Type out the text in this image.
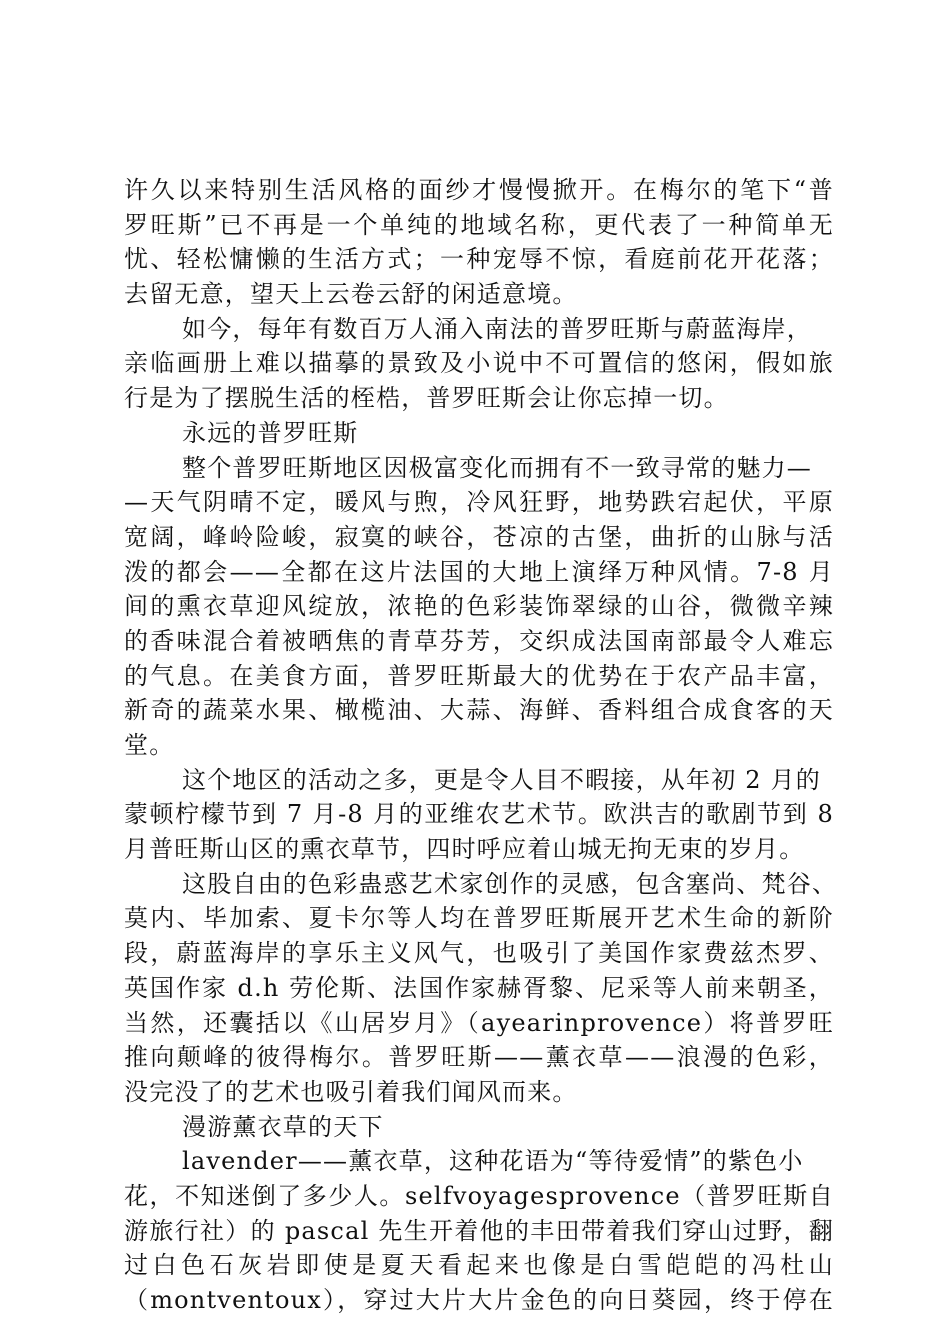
许久以来特别生活风格的面纱才慢慢掀开。在梅尔的笔下“普
罗旺斯”已不再是一个单纯的地域名称，更代表了一种简单无
忧、轻松慵懒的生活方式；一种宠辱不惊，看庭前花开花落；
去留无意，望天上云卷云舒的闲适意境。
如今，每年有数百万人涌入南法的普罗旺斯与蔚蓝海岸，
亲临画册上难以描摹的景致及小说中不可置信的悠闲，假如旅
行是为了摆脱生活的桎梏，普罗旺斯会让你忘掉一切。
永远的普罗旺斯
整个普罗旺斯地区因极富变化而拥有不一致寻常的魅力—
—天气阴晴不定，暖风与煦，冷风狂野，地势跌宕起伏，平原
宽阔，峰岭险峻，寂寞的峡谷，苍凉的古堡，曲折的山脉与活
泼的都会——全都在这片法国的大地上演绎万种风情。7-8 月
间的熏衣草迎风绽放，浓艳的色彩装饰翠绿的山谷，微微辛辣
的香味混合着被晒焦的青草芬芳，交织成法国南部最令人难忘
的气息。在美食方面，普罗旺斯最大的优势在于农产品丰富，
新奇的蔬菜水果、橄榄油、大蒜、海鲜、香料组合成食客的天
堂。
这个地区的活动之多，更是令人目不暇接，从年初 2 月的
蒙顿柠檬节到 7 月-8 月的亚维农艺术节。欧洪吉的歌剧节到 8
月普旺斯山区的熏衣草节，四时呼应着山城无拘无束的岁月。
这股自由的色彩蛊惑艺术家创作的灵感，包含塞尚、梵谷、
莫内、毕加索、夏卡尔等人均在普罗旺斯展开艺术生命的新阶
段，蔚蓝海岸的享乐主义风气，也吸引了美国作家费兹杰罗、
英国作家 d.h 劳伦斯、法国作家赫胥黎、尼采等人前来朝圣，
当然，还囊括以《山居岁月》（ayearinprovence）将普罗旺
推向颠峰的彼得梅尔。普罗旺斯——薰衣草——浪漫的色彩，
没完没了的艺术也吸引着我们闻风而来。
漫游薰衣草的天下
lavender——薰衣草，这种花语为“等待爱情”的紫色小
花，不知迷倒了多少人。selfvoyagesprovence（普罗旺斯自
游旅行社）的 pascal 先生开着他的丰田带着我们穿山过野，翻
过白色石灰岩即使是夏天看起来也像是白雪皑皑的冯杜山
（montventoux），穿过大片大片金色的向日葵园，终于停在
